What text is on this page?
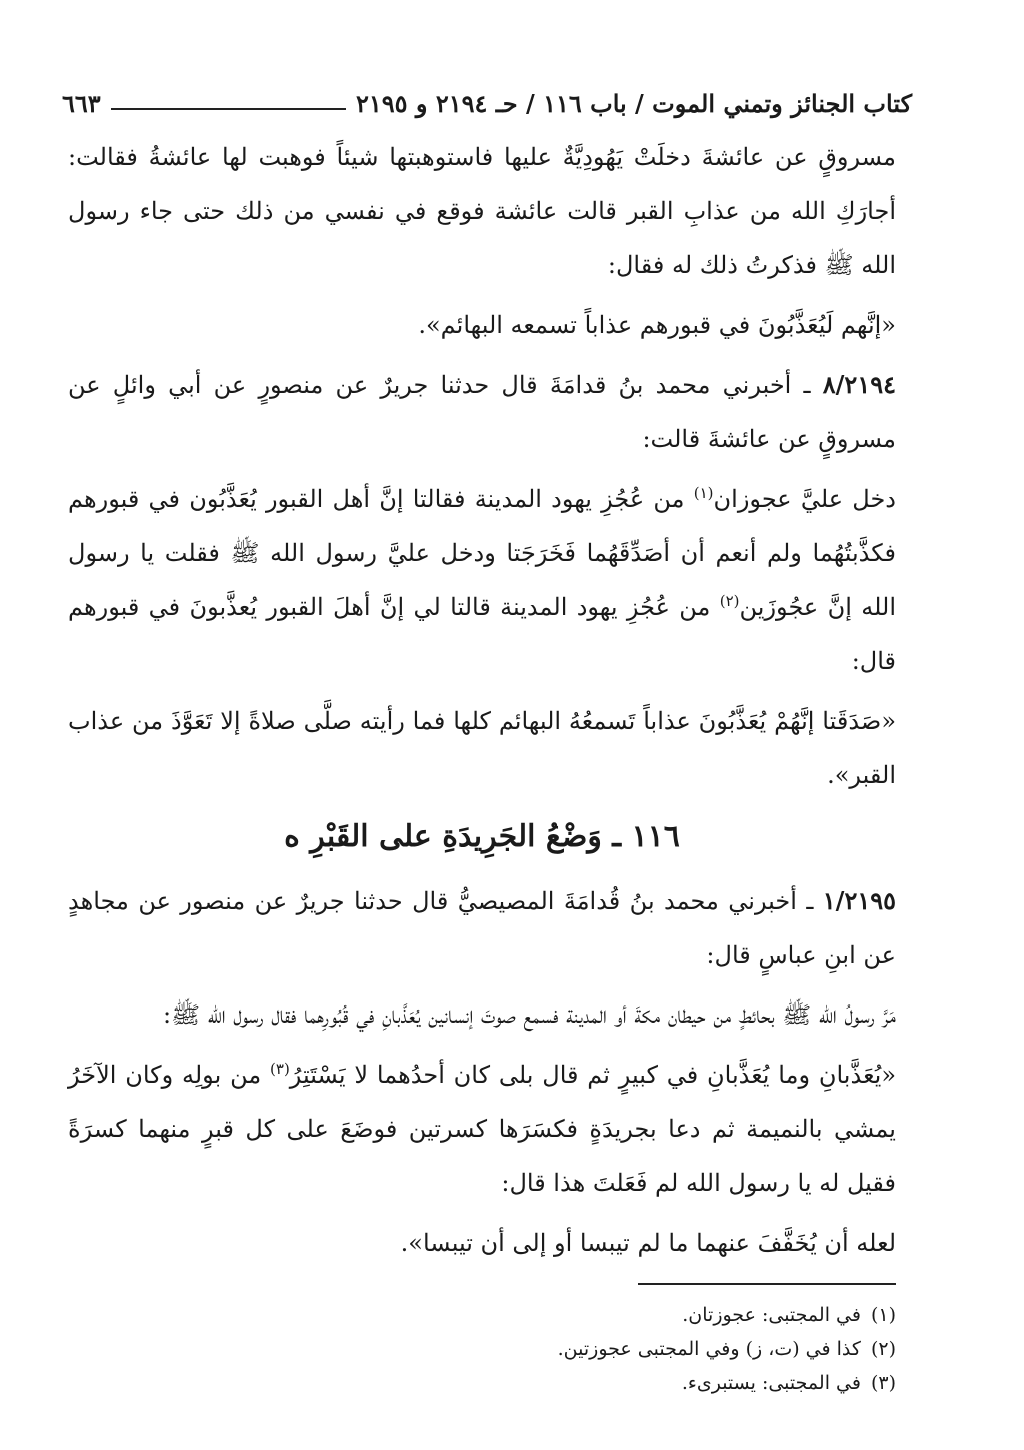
كتاب الجنائز وتمني الموت / باب ١١٦ / حـ ٢١٩٤ و ٢١٩٥
٦٦٣

مسروقٍ عن عائشةَ دخلَتْ يَهُودِيَّةٌ عليها فاستوهبتها شيئاً فوهبت لها عائشةُ فقالت: أجارَكِ الله من عذابِ القبر قالت عائشة فوقع في نفسي من ذلك حتى جاء رسول الله ﷺ فذكرتُ ذلك له فقال:

«إنَّهم لَيُعَذَّبُونَ في قبورهم عذاباً تسمعه البهائم».

٨/٢١٩٤ ـ أخبرني محمد بنُ قدامَةَ قال حدثنا جريرٌ عن منصورٍ عن أبي وائلٍ عن مسروقٍ عن عائشةَ قالت:

دخل عليَّ عجوزان$^{(١)}$ من عُجُزِ يهود المدينة فقالتا إنَّ أهل القبور يُعَذَّبُون في قبورهم فكذَّبتُهُما ولم أنعم أن أصَدِّقَهُما فَخَرَجَتا ودخل عليَّ رسول الله ﷺ فقلت يا رسول الله إنَّ عجُوزَين$^{(٢)}$ من عُجُزِ يهود المدينة قالتا لي إنَّ أهلَ القبور يُعذَّبونَ في قبورهم قال:

«صَدَقَتا إنَّهُمْ يُعَذَّبُونَ عذاباً تَسمعُهُ البهائم كلها فما رأيته صلَّى صلاةً إلا تَعَوَّذَ من عذاب القبر».

١١٦ ـ وَضْعُ الجَرِيدَةِ على القَبْرِ ه

١/٢١٩٥ ـ أخبرني محمد بنُ قُدامَةَ المصيصيُّ قال حدثنا جريرٌ عن منصور عن مجاهدٍ عن ابنِ عباسٍ قال:

مَرَّ رسولُ الله ﷺ بحائطٍ من حيطان مكةَ أو المدينة فسمع صوتَ إنسانين يُعَذَّبانِ في قُبُورِهما فقال رسول الله ﷺ:

«يُعَذَّبانِ وما يُعَذَّبانِ في كبيرٍ ثم قال بلى كان أحدُهما لا يَسْتَتِرُ$^{(٣)}$ من بولِه وكان الآخَرُ يمشي بالنميمة ثم دعا بجريدَةٍ فكسَرَها كسرتين فوضَعَ على كل قبرٍ منهما كسرَةً فقيل له يا رسول الله لم فَعَلتَ هذا قال:

لعله أن يُخَفَّفَ عنهما ما لم تيبسا أو إلى أن تيبسا».

(١)في المجتبى: عجوزتان.
(٢)كذا في (ت، ز) وفي المجتبى عجوزتين.
(٣)في المجتبى: يستبرىء.
